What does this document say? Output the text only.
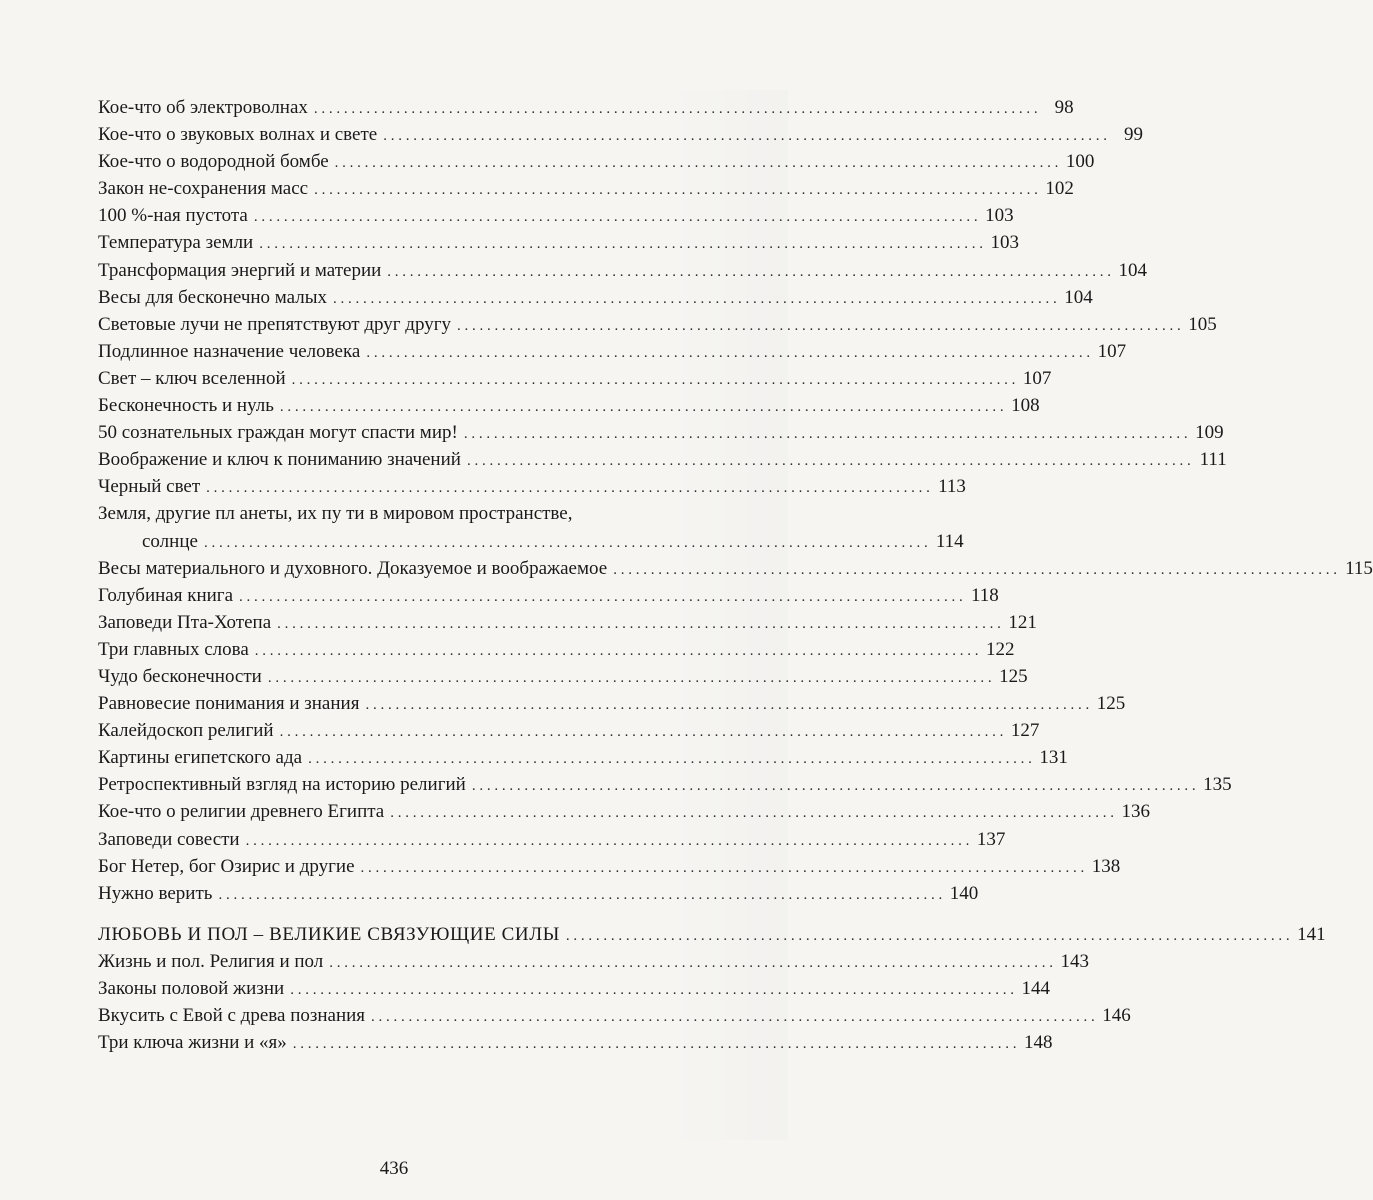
Кое-что об электроволнах . . .	98
Кое-что о звуковых волнах и свете . . .	99
Кое-что о водородной бомбе . . .	100
Закон не-сохранения масс . . .	102
100 %-ная пустота . . .	103
Температура земли . . .	103
Трансформация энергий и материи . . .	104
Весы для бесконечно малых . . .	104
Световые лучи не препятствуют друг другу . . .	105
Подлинное назначение человека . . .	107
Свет – ключ вселенной . . .	107
Бесконечность и нуль . . .	108
50 сознательных граждан могут спасти мир! . . .	109
Воображение и ключ к пониманию значений . . .	111
Черный свет . . .	113
Земля, другие пл анеты, их пу ти в мировом пространстве,
солнце . . .	114
Весы материального и духовного. Доказуемое и воображаемое . . .	115
Голубиная книга . . .	118
Заповеди Пта-Хотепа . . .	121
Три главных слова . . .	122
Чудо бесконечности . . .	125
Равновесие понимания и знания . . .	125
Калейдоскоп религий . . .	127
Картины египетского ада . . .	131
Ретроспективный взгляд на историю религий . . .	135
Кое-что о религии древнего Египта . . .	136
Заповеди совести . . .	137
Бог Нетер, бог Озирис и другие . . .	138
Нужно верить . . .	140
ЛЮБОВЬ И ПОЛ – ВЕЛИКИЕ СВЯЗУЮЩИЕ СИЛЫ . . .	141
Жизнь и пол. Религия и пол . . .	143
Законы половой жизни . . .	144
Вкусить с Евой с древа познания . . .	146
Три ключа жизни и «я» . . .	148
436
